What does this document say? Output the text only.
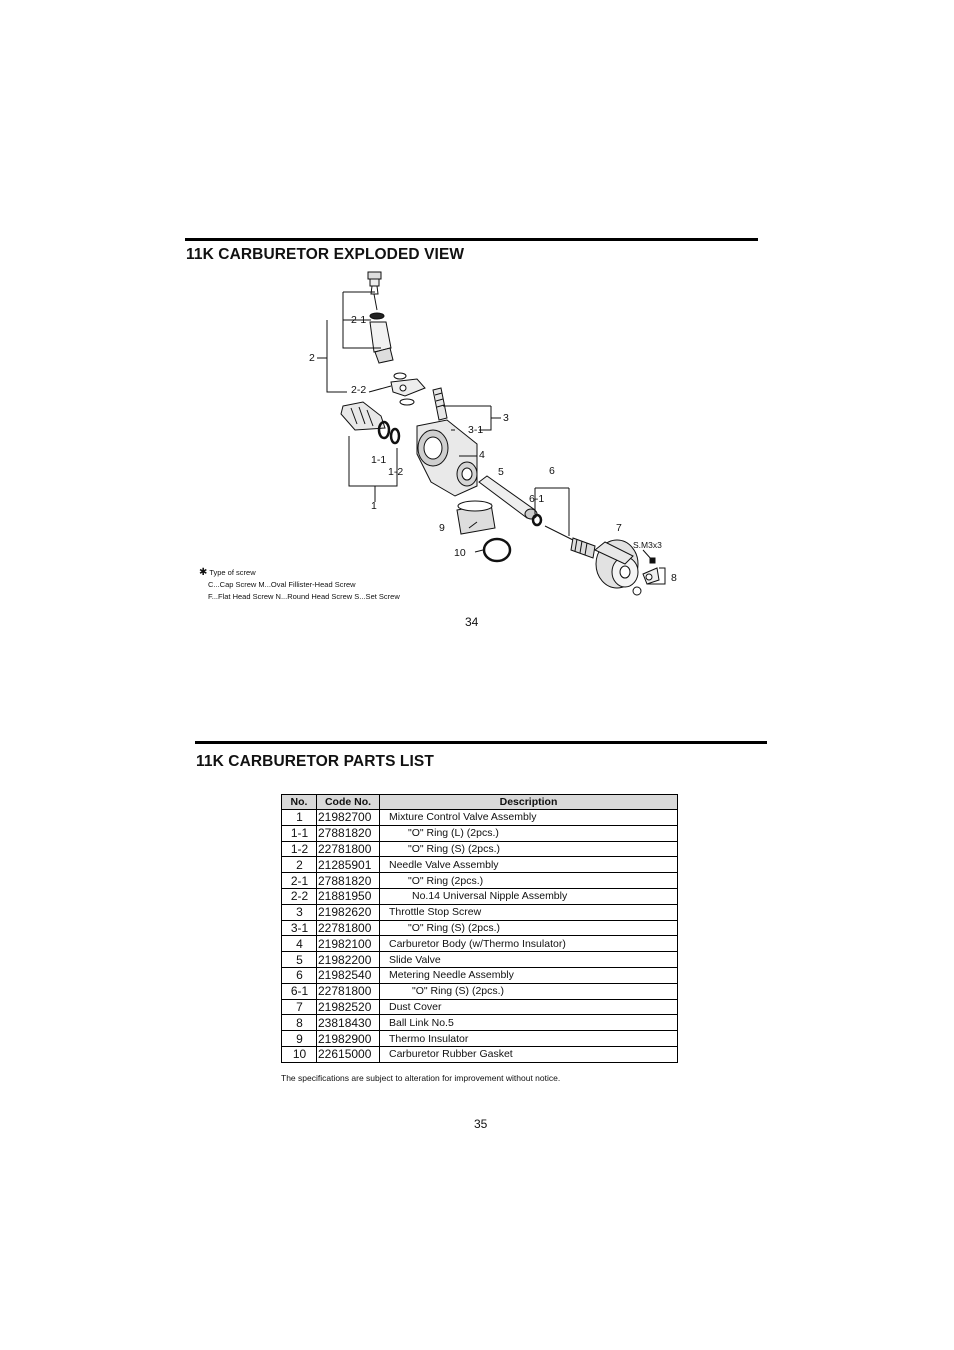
11K CARBURETOR EXPLODED VIEW
2-1
2
2-2
3
3-1
4
1-1
1-2	5	6
6-1
1
9	7
10
8
S.M3x3
✱ Type of screw
C...Cap Screw M...Oval Fillister-Head Screw
F...Flat Head Screw N...Round Head Screw S...Set Screw
34
11K CARBURETOR PARTS LIST
No.	Code No.	Description
1	21982700	Mixture Control Valve Assembly
1-1	27881820	"O" Ring (L) (2pcs.)
1-2	22781800	"O" Ring (S) (2pcs.)
2	21285901	Needle Valve Assembly
2-1	27881820	"O" Ring (2pcs.)
2-2	21881950	No.14 Universal Nipple Assembly
3	21982620	Throttle Stop Screw
3-1	22781800	"O" Ring (S) (2pcs.)
4	21982100	Carburetor Body (w/Thermo Insulator)
5	21982200	Slide Valve
6	21982540	Metering Needle Assembly
6-1	22781800	"O" Ring (S) (2pcs.)
7	21982520	Dust Cover
8	23818430	Ball Link No.5
9	21982900	Thermo Insulator
10	22615000	Carburetor Rubber Gasket
The specifications are subject to alteration for improvement without notice.
35
